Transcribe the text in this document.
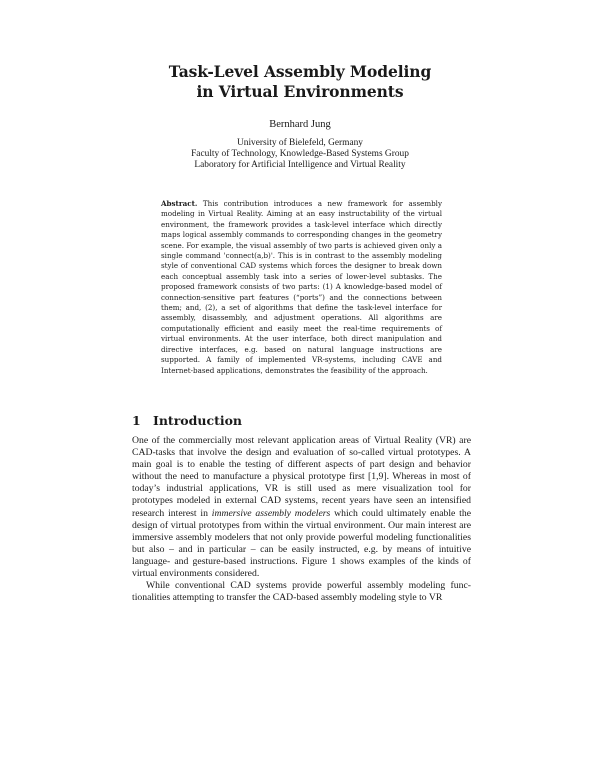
Task-Level Assembly Modeling
in Virtual Environments
Bernhard Jung
University of Bielefeld, Germany
Faculty of Technology, Knowledge-Based Systems Group
Laboratory for Artificial Intelligence and Virtual Reality
Abstract. This contribution introduces a new framework for assembly modeling in Virtual Reality. Aiming at an easy instructability of the virtual environment, the framework provides a task-level interface which directly maps logical assembly commands to corresponding changes in the geometry scene. For example, the visual assembly of two parts is achieved given only a single command 'connect(a,b)'. This is in contrast to the assembly modeling style of conventional CAD systems which forces the designer to break down each conceptual assembly task into a series of lower-level subtasks. The proposed framework consists of two parts: (1) A knowledge-based model of connection-sensitive part features (“ports”) and the connections between them; and, (2), a set of algorithms that define the task-level interface for assembly, disassembly, and adjustment operations. All algorithms are computationally efficient and easily meet the real-time requirements of virtual environments. At the user interface, both direct manipulation and directive interfaces, e.g. based on natural language instructions are supported. A family of implemented VR-systems, including CAVE and Internet-based applications, demonstrates the feasibility of the approach.
1 Introduction

One of the commercially most relevant application areas of Virtual Reality (VR) are CAD-tasks that involve the design and evaluation of so-called virtual prototypes. A main goal is to enable the testing of different aspects of part design and behavior without the need to manufacture a physical prototype first [1,9]. Whereas in most of today’s industrial applications, VR is still used as mere visualization tool for prototypes modeled in external CAD systems, recent years have seen an intensified research interest in immersive assembly modelers which could ultimately enable the design of virtual prototypes from within the virtual environment. Our main interest are immersive assembly modelers that not only provide powerful modeling functionalities but also – and in particular – can be easily instructed, e.g. by means of intuitive language- and gesture-based instructions. Figure 1 shows examples of the kinds of virtual environments considered.

While conventional CAD systems provide powerful assembly modeling functionalities attempting to transfer the CAD-based assembly modeling style to VR
